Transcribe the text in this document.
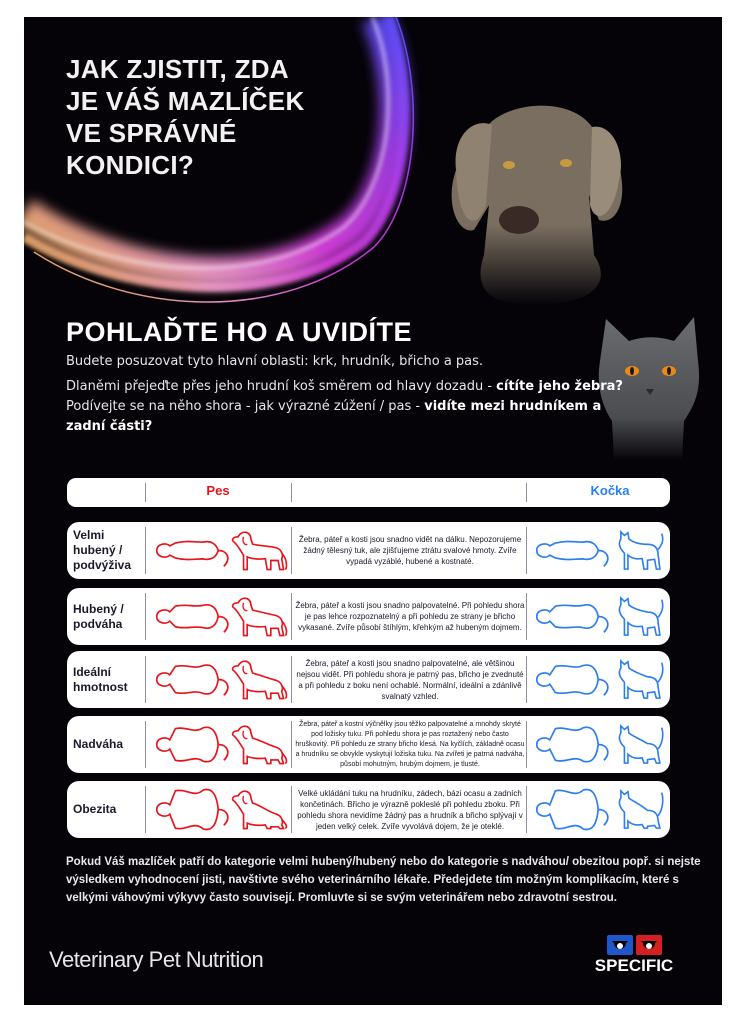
JAK ZJISTIT, ZDA
JE VÁŠ MAZLÍČEK
VE SPRÁVNÉ
KONDICI?
POHLAĎTE HO A UVIDÍTE
Budete posuzovat tyto hlavní oblasti: krk, hrudník, břicho a pas.
Dlaněmi přejeďte přes jeho hrudní koš směrem od hlavy dozadu - cítíte jeho žebra? Podívejte se na něho shora - jak výrazné zúžení / pas - vidíte mezi hrudníkem a zadní části?
Pes	Kočka
Velmi hubený / podvýživa
Žebra, páteř a kosti jsou snadno vidět na dálku. Nepozorujeme žádný tělesný tuk, ale zjišťujeme ztrátu svalové hmoty. Zvíře vypadá vyzáblé, hubené a kostnaté.
Hubený / podváha
Žebra, páteř a kosti jsou snadno palpovatelné. Při pohledu shora je pas lehce rozpoznatelný a při pohledu ze strany je břicho vykasané. Zvíře působí štíhlým, křehkým až hubeným dojmem.
Ideální hmotnost
Žebra, páteř a kosti jsou snadno palpovatelné, ale většinou nejsou vidět. Při pohledu shora je patrný pas, břicho je zvednuté a při pohledu z boku není ochablé. Normální, ideální a zdánlivě svalnatý vzhled.
Nadváha
Žebra, páteř a kostní výčnělky jsou těžko palpovatelné a mnohdy skryté pod ložisky tuku. Při pohledu shora je pas roztažený nebo často hruškovitý. Při pohledu ze strany břicho klesá. Na kyčlích, základně ocasu a hrudníku se obvykle vyskytují ložiska tuku. Na zvířeti je patrná nadváha, působí mohutným, hrubým dojmem, je tlusté.
Obezita
Velké ukládání tuku na hrudníku, zádech, bázi ocasu a zadních končetinách. Břicho je výrazně pokleslé při pohledu zboku. Při pohledu shora nevidíme žádný pas a hrudník a břicho splývají v jeden velký celek. Zvíře vyvolává dojem, že je oteklé.
Pokud Váš mazlíček patří do kategorie velmi hubený/hubený nebo do kategorie s nadváhou/ obezitou popř. si nejste výsledkem vyhodnocení jisti, navštivte svého veterinárního lékaře. Předejdete tím možným komplikacím, které s velkými váhovými výkyvy často souvisejí. Promluvte si se svým veterinářem nebo zdravotní sestrou.
Veterinary Pet Nutrition	SPECIFIC
